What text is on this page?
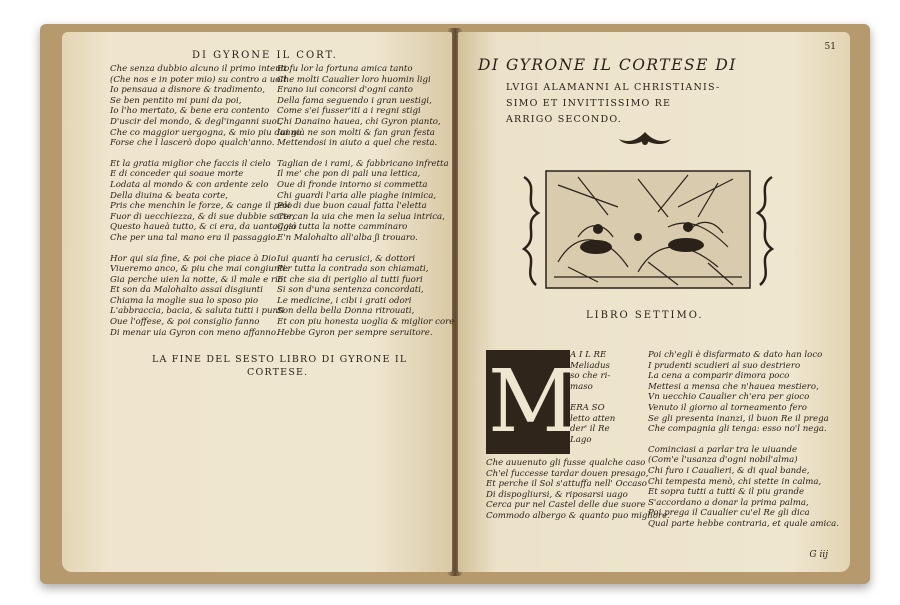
DI GYRONE IL CORT.
Che senza dubbio alcuno il primo intento
(Che nos e in poter mio) su contro a uoit
Io pensaua a disnore & tradimento,
Se ben pentito mi puni da poi,
Io l'ho mertato, & bene era contento
D'uscir del mondo, & degl'inganni suoi,
Che co maggior uergogna, & mio piu danno
Forse che l lascerò dopo qualch'anno.
Et la gratia miglior che faccis il cielo
E di conceder qui soaue morte
Lodata al mondo & con ardente zelo
Della diuina & beata corte,
Pris che menchin le forze, & cange il pelo
Fuor di uecchiezza, & di sue dubbie sorte,
Questo haueà tutto, & ci era, da uantaggio
Che per una tal mano era il passaggio.
Hor qui sia fine, & poi che piace à Dio
Viueremo anco, & piu che mai congiunti:
Gia perche uien la notte, & il male e rio
Et son da Malohalto assai disgiunti
Chiama la moglie sua lo sposo pio
L'abbraccia, bacia, & saluta tutti i punti
Oue l'offese, & poi consiglio fanno
Di menar uia Gyron con meno affanno.
Et fu lor la fortuna amica tanto
Che molti Caualier loro huomin ligi
Erano iui concorsi d'ogni canto
Della fama seguendo i gran uestigi,
Come s'ei fusser'iti a i regni stigi
Chi Danaino hauea, chi Gyron pianto,
Iui già ne son molti & fan gran festa
Mettendosi in aiuto a quel che resta.
Taglian de i rami, & fabbricano infretta
Il me' che pon di pali una lettica,
Oue di fronde intorno si commetta
Chi guardi l'aria alle piaghe inimica,
Poi di due buon caual fatta l'eletta
Cercan la uia che men la selua intrica,
Così tutta la notte camminaro
E'n Malohalto all'alba ʃi trouaro.
Iui quanti ha cerusici, & dottori
Per tutta la contrada son chiamati,
Et che sia di periglio al tutti fuori
Si son d'una sentenza concordati,
Le medicine, i cibi i grati odori
Son della bella Donna ritrouati,
Et con piu honesta uoglia & miglior core
Hebbe Gyron per sempre seruitore.
LA FINE DEL SESTO LIBRO DI GYRONE IL
CORTESE.
51
DI GYRONE IL CORTESE DI
LVIGI ALAMANNI AL CHRISTIANIS-
SIMO ET INVITTISSIMO RE
ARRIGO SECONDO.
LIBRO SETTIMO.
M
A I L RE
Meliadus
so che ri-
maso

ERA SO
letto atten
der' il Re
Lago
Che auuenuto gli fusse qualche caso
Ch'el fuccesse tardar douen presago,
Et perche il Sol s'attuffa nell' Occaso
Di dispogliursi, & riposarsi uago
Cerca pur nel Castel delle due suore
Commodo albergo & quanto puo migliore.
Poi ch'egli è disfarmato & dato han loco
I prudenti scudieri al suo destriero
La cena a comparir dimora poco
Mettesi a mensa che n'hauea mestiero,
Vn uecchio Caualier ch'era per gioco
Venuto il giorno al torneamento fero
Se gli presenta inanzi, il buon Re il prega
Che compagnia gli tenga: esso no'l nega.
Cominciasi a parlar tra le uiuande
(Com'e l'usanza d'ogni nobil'alma)
Chi furo i Caualieri, & di qual bande,
Chi tempesta menò, chi stette in calma,
Et sopra tutti a tutti & il piu grande
S'accordano a donar la prima palma,
Poi prega il Caualier cu'el Re gli dica
Qual parte hebbe contraria, et quale amica.
G iij
